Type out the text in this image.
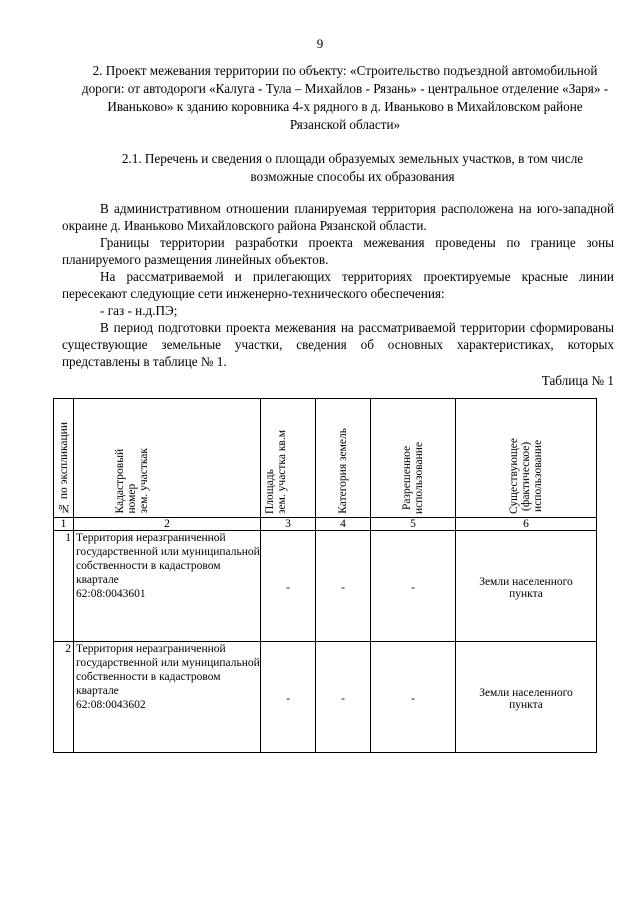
9
2. Проект межевания территории по объекту: «Строительство подъездной автомобильной дороги: от автодороги «Калуга - Тула – Михайлов - Рязань» - центральное отделение «Заря» - Иваньково» к зданию коровника 4-х рядного в д. Иваньково в Михайловском районе Рязанской области»
2.1. Перечень и сведения о площади образуемых земельных участков, в том числе возможные способы их образования

В административном отношении планируемая территория расположена на юго-западной окраине д. Иваньково Михайловского района Рязанской области.

Границы территории разработки проекта межевания проведены по границе зоны планируемого размещения линейных объектов.

На рассматриваемой и прилегающих территориях проектируемые красные линии пересекают следующие сети инженерно-технического обеспечения:

- газ - н.д.ПЭ;

В период подготовки проекта межевания на рассматриваемой территории сформированы существующие земельные участки, сведения об основных характеристиках, которых представлены в таблице № 1.

Таблица № 1
№ по экспликации	Кадастровый
номер
зем. участкак	Площадь
зем. участка кв.м	Категория земель	Разрешенное
использование	Существующее
(фактическое)
использование
1	2	3	4	5	6
1	Территория неразграниченной государственной или муниципальной собственности в кадастровом квартале
62:08:0043601	-	-	-	Земли населенного пункта
2	Территория неразграниченной государственной или муниципальной собственности в кадастровом квартале
62:08:0043602	-	-	-	Земли населенного пункта
